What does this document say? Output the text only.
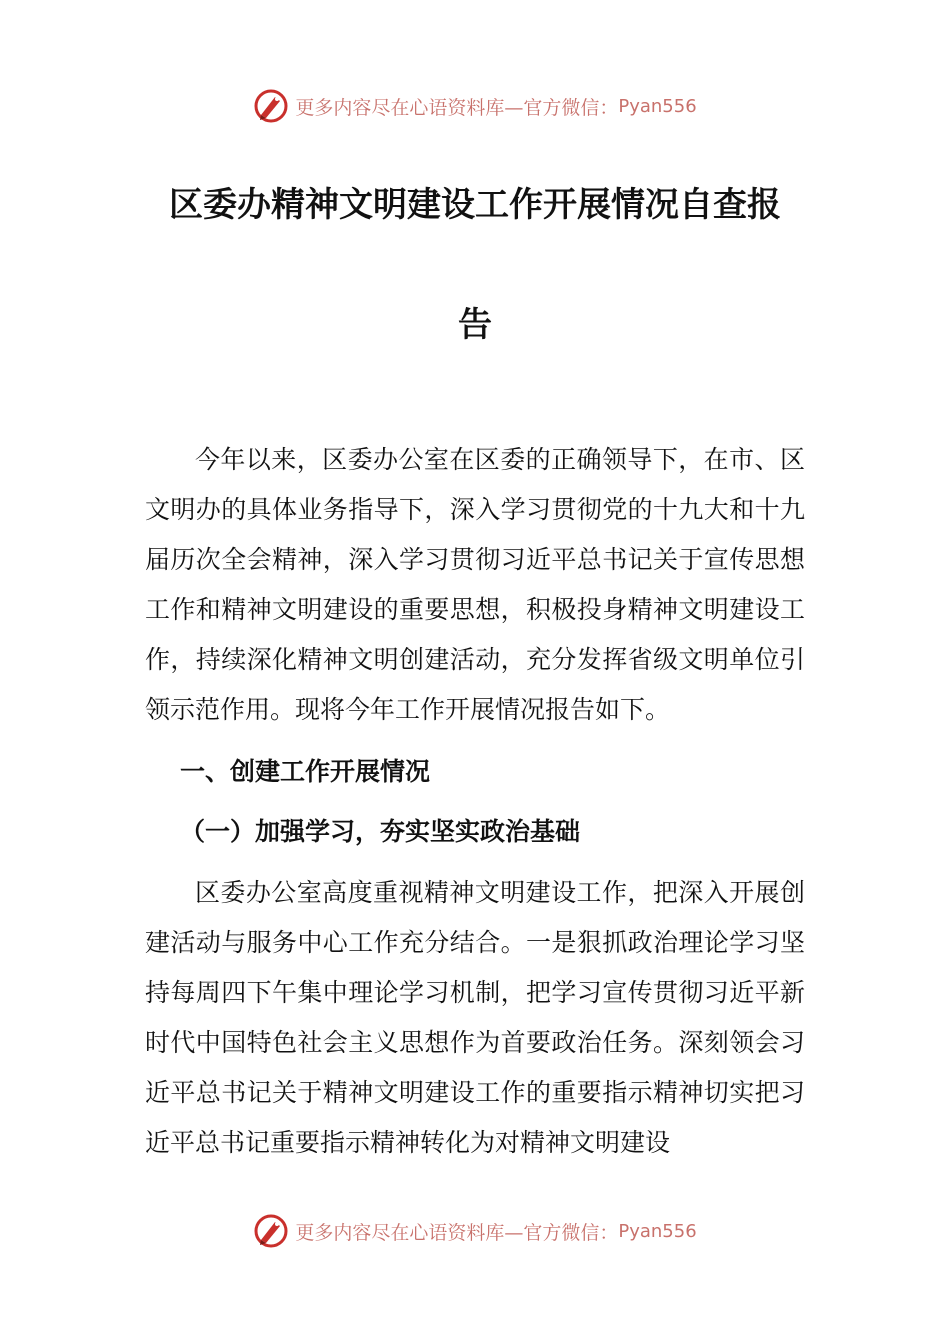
更多内容尽在心语资料库—官方微信： Pyan556
区委办精神文明建设工作开展情况自查报
告
今年以来，区委办公室在区委的正确领导下，在市、区文明办的具体业务指导下，深入学习贯彻党的十九大和十九届历次全会精神，深入学习贯彻习近平总书记关于宣传思想工作和精神文明建设的重要思想，积极投身精神文明建设工作，持续深化精神文明创建活动，充分发挥省级文明单位引领示范作用。现将今年工作开展情况报告如下。
一、创建工作开展情况
（一）加强学习，夯实坚实政治基础
区委办公室高度重视精神文明建设工作，把深入开展创建活动与服务中心工作充分结合。一是狠抓政治理论学习坚持每周四下午集中理论学习机制，把学习宣传贯彻习近平新时代中国特色社会主义思想作为首要政治任务。深刻领会习近平总书记关于精神文明建设工作的重要指示精神切实把习近平总书记重要指示精神转化为对精神文明建设
更多内容尽在心语资料库—官方微信： Pyan556
